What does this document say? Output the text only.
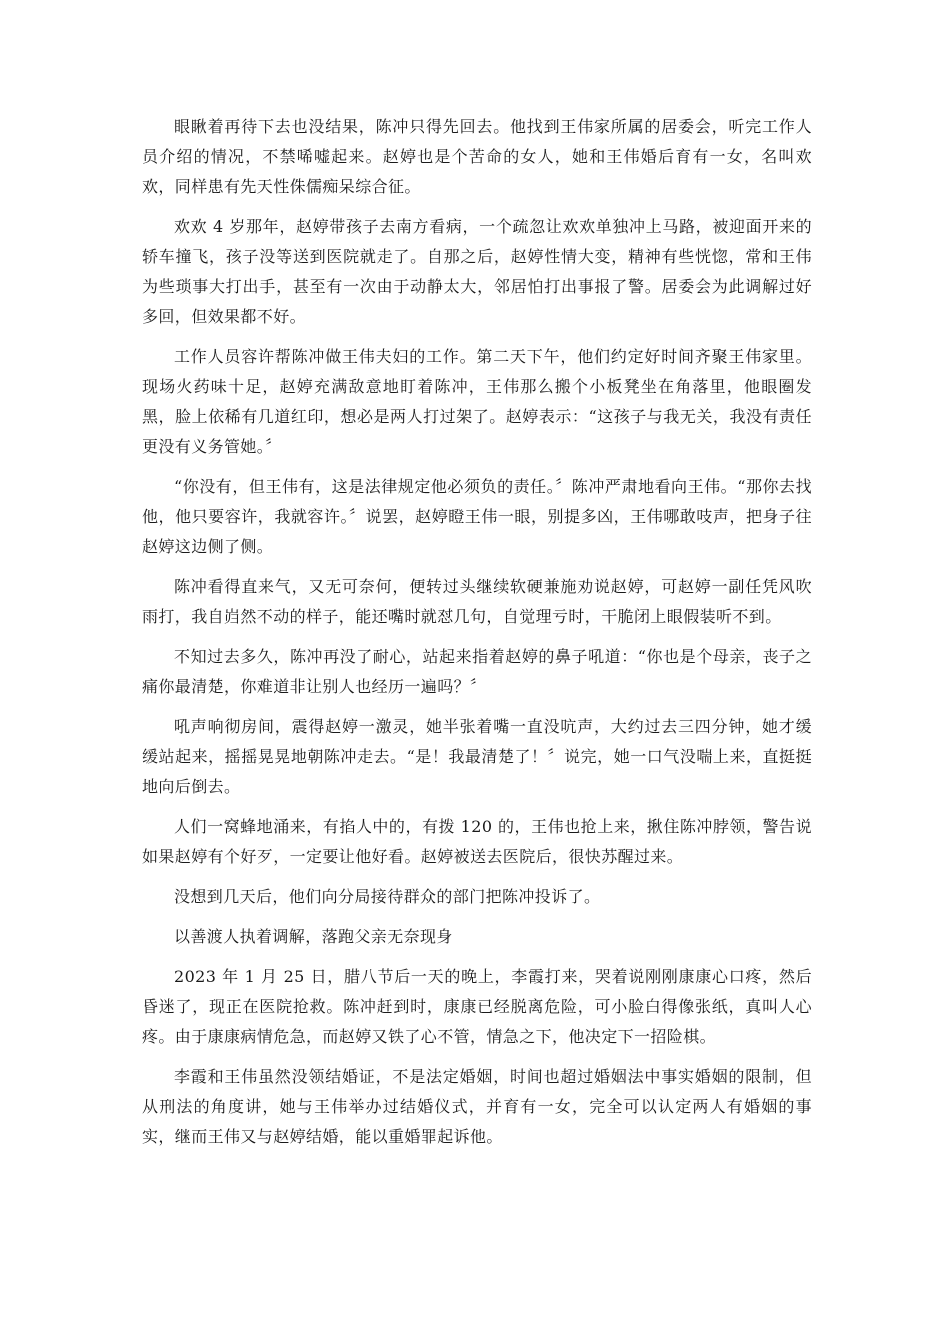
眼瞅着再待下去也没结果，陈冲只得先回去。他找到王伟家所属的居委会，听完工作人员介绍的情况，不禁唏嘘起来。赵婷也是个苦命的女人，她和王伟婚后育有一女，名叫欢欢，同样患有先天性侏儒痴呆综合征。

欢欢 4 岁那年，赵婷带孩子去南方看病，一个疏忽让欢欢单独冲上马路，被迎面开来的轿车撞飞，孩子没等送到医院就走了。自那之后，赵婷性情大变，精神有些恍惚，常和王伟为些琐事大打出手，甚至有一次由于动静太大，邻居怕打出事报了警。居委会为此调解过好多回，但效果都不好。

工作人员容许帮陈冲做王伟夫妇的工作。第二天下午，他们约定好时间齐聚王伟家里。现场火药味十足，赵婷充满敌意地盯着陈冲，王伟那么搬个小板凳坐在角落里，他眼圈发黑，脸上依稀有几道红印，想必是两人打过架了。赵婷表示：“这孩子与我无关，我没有责任更没有义务管她。〞

“你没有，但王伟有，这是法律规定他必须负的责任。〞陈冲严肃地看向王伟。“那你去找他，他只要容许，我就容许。〞说罢，赵婷瞪王伟一眼，别提多凶，王伟哪敢吱声，把身子往赵婷这边侧了侧。

陈冲看得直来气，又无可奈何，便转过头继续软硬兼施劝说赵婷，可赵婷一副任凭风吹雨打，我自岿然不动的样子，能还嘴时就怼几句，自觉理亏时，干脆闭上眼假装听不到。

不知过去多久，陈冲再没了耐心，站起来指着赵婷的鼻子吼道：“你也是个母亲，丧子之痛你最清楚，你难道非让别人也经历一遍吗？〞

吼声响彻房间，震得赵婷一激灵，她半张着嘴一直没吭声，大约过去三四分钟，她才缓缓站起来，摇摇晃晃地朝陈冲走去。“是！我最清楚了！〞说完，她一口气没喘上来，直挺挺地向后倒去。

人们一窝蜂地涌来，有掐人中的，有拨 120 的，王伟也抢上来，揪住陈冲脖领，警告说如果赵婷有个好歹，一定要让他好看。赵婷被送去医院后，很快苏醒过来。

没想到几天后，他们向分局接待群众的部门把陈冲投诉了。

以善渡人执着调解，落跑父亲无奈现身

2023 年 1 月 25 日，腊八节后一天的晚上，李霞打来，哭着说刚刚康康心口疼，然后昏迷了，现正在医院抢救。陈冲赶到时，康康已经脱离危险，可小脸白得像张纸，真叫人心疼。由于康康病情危急，而赵婷又铁了心不管，情急之下，他决定下一招险棋。

李霞和王伟虽然没领结婚证，不是法定婚姻，时间也超过婚姻法中事实婚姻的限制，但从刑法的角度讲，她与王伟举办过结婚仪式，并育有一女，完全可以认定两人有婚姻的事实，继而王伟又与赵婷结婚，能以重婚罪起诉他。
